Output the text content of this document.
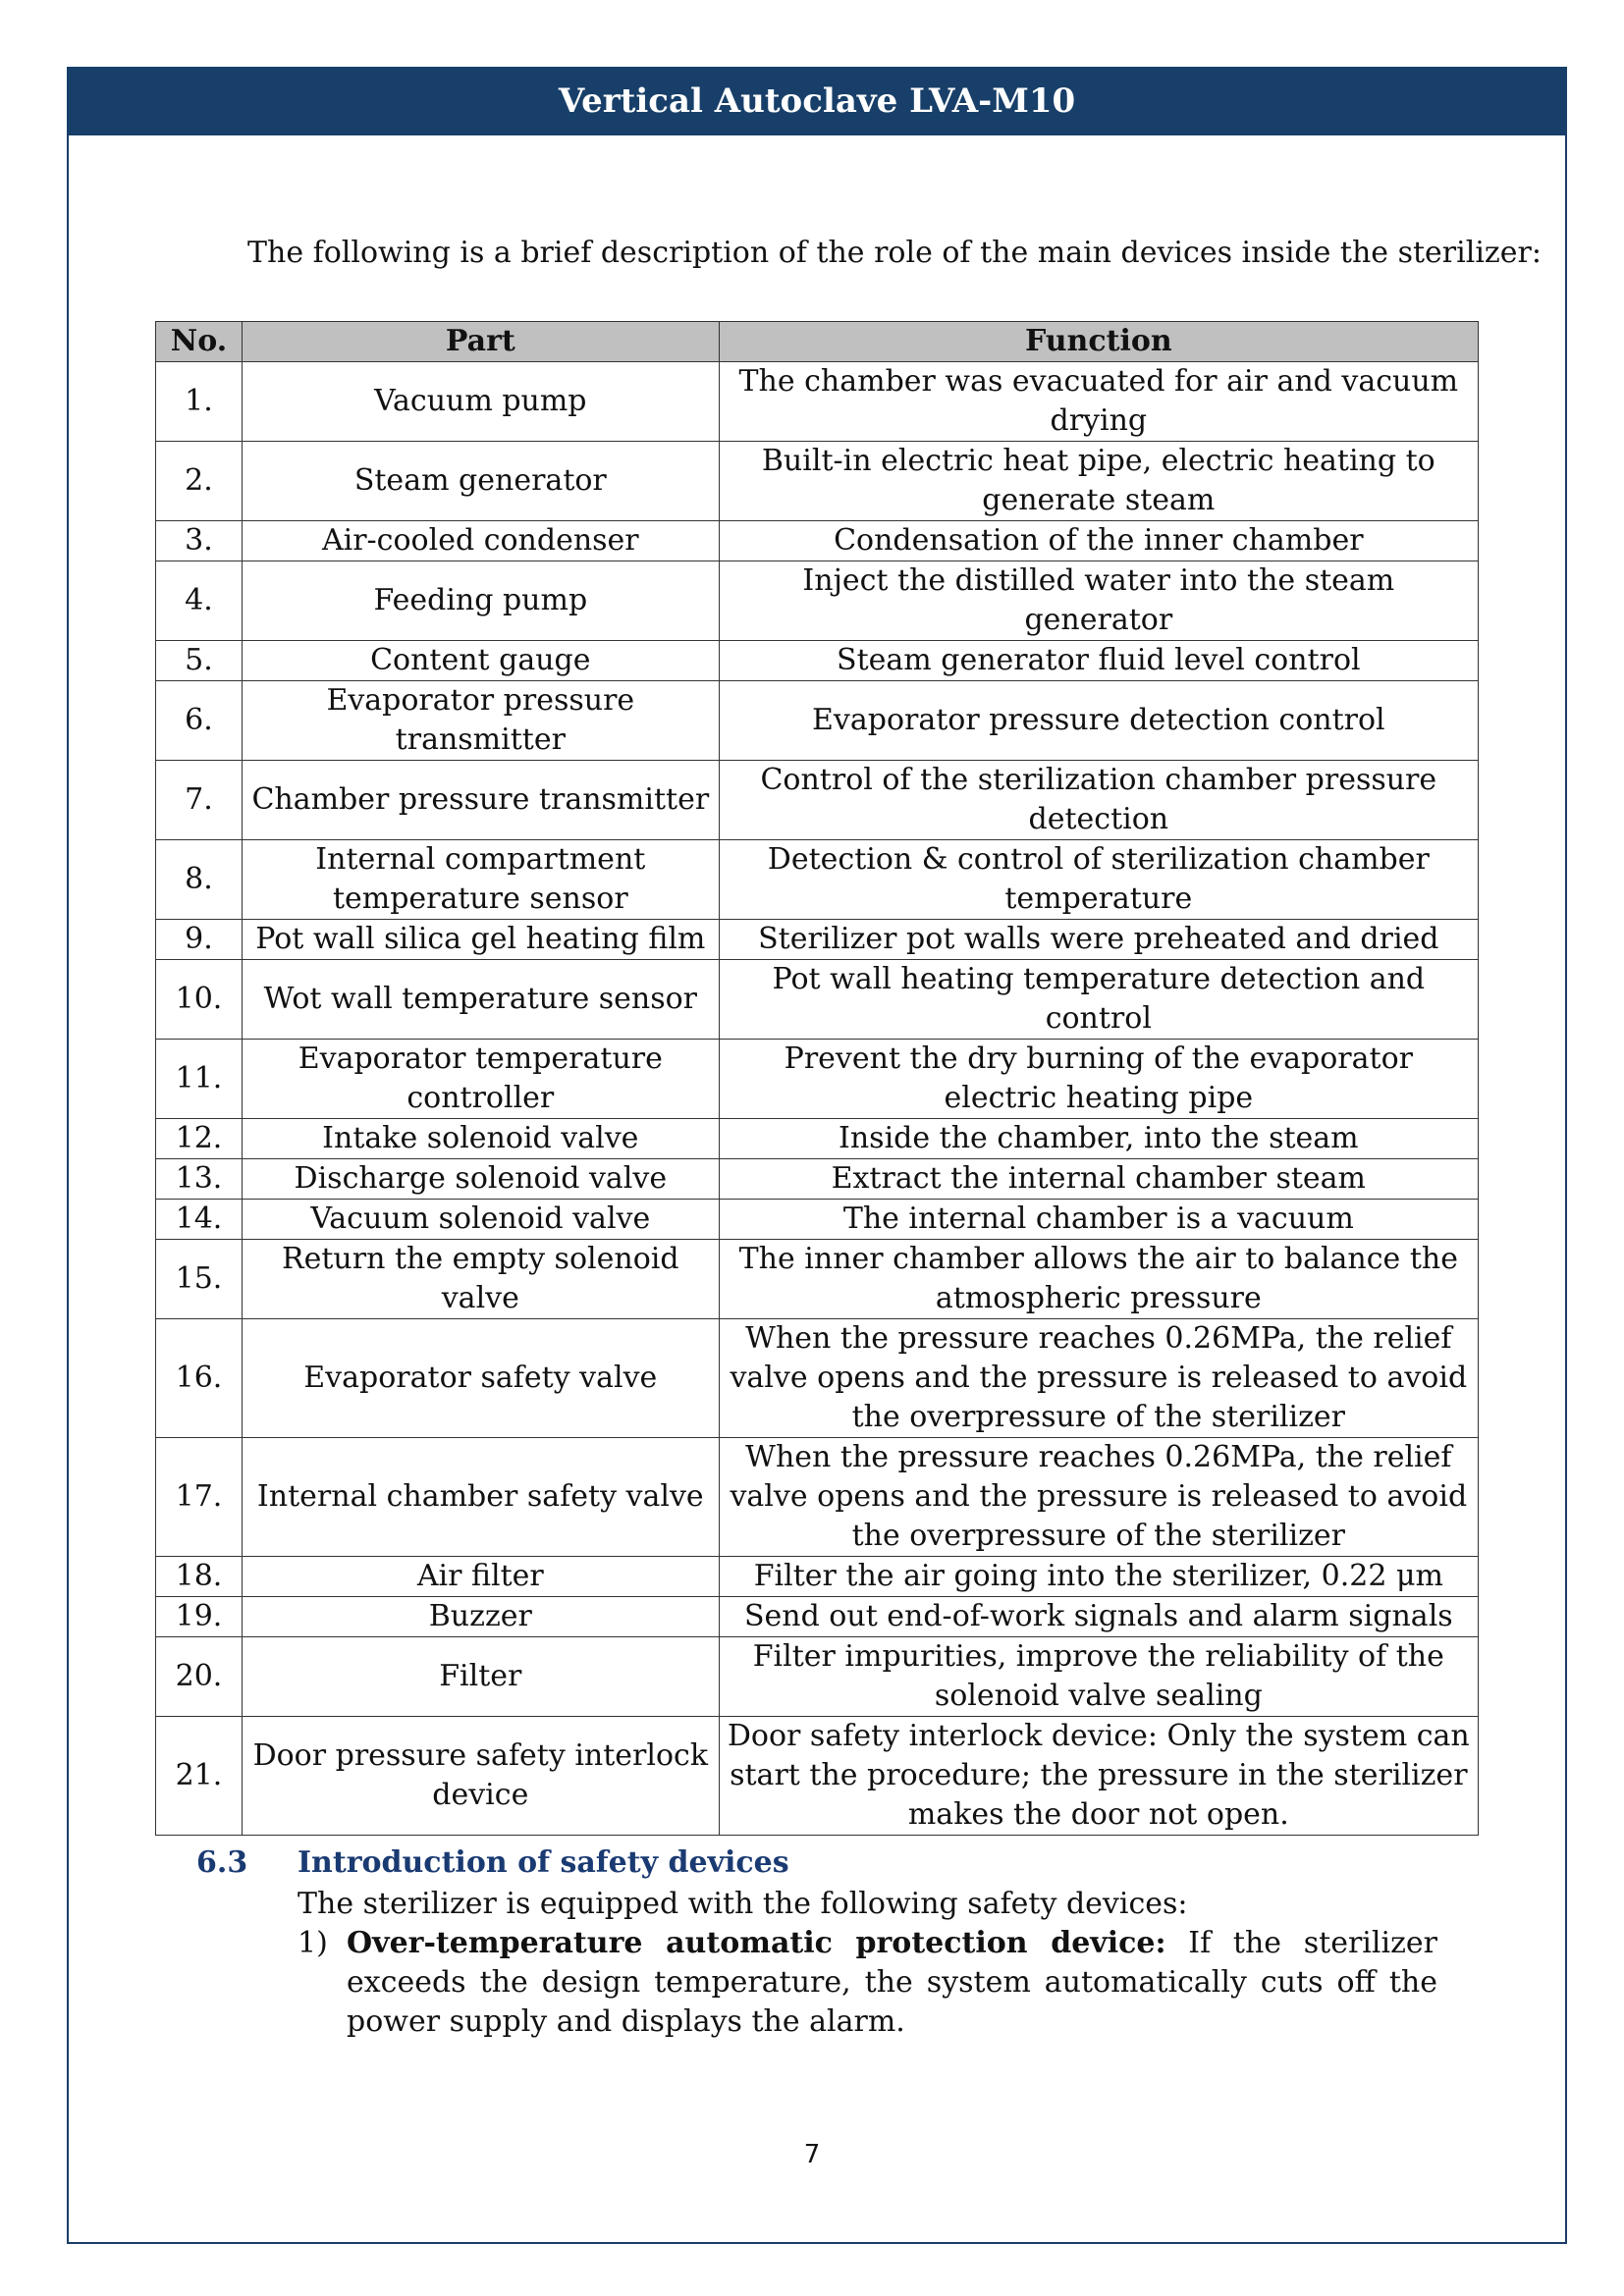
Vertical Autoclave LVA-M10
The following is a brief description of the role of the main devices inside the sterilizer:
No.	Part	Function
1.	Vacuum pump	The chamber was evacuated for air and vacuum drying
2.	Steam generator	Built-in electric heat pipe, electric heating to generate steam
3.	Air-cooled condenser	Condensation of the inner chamber
4.	Feeding pump	Inject the distilled water into the steam generator
5.	Content gauge	Steam generator fluid level control
6.	Evaporator pressure transmitter	Evaporator pressure detection control
7.	Chamber pressure transmitter	Control of the sterilization chamber pressure detection
8.	Internal compartment temperature sensor	Detection & control of sterilization chamber temperature
9.	Pot wall silica gel heating film	Sterilizer pot walls were preheated and dried
10.	Wot wall temperature sensor	Pot wall heating temperature detection and control
11.	Evaporator temperature controller	Prevent the dry burning of the evaporator electric heating pipe
12.	Intake solenoid valve	Inside the chamber, into the steam
13.	Discharge solenoid valve	Extract the internal chamber steam
14.	Vacuum solenoid valve	The internal chamber is a vacuum
15.	Return the empty solenoid valve	The inner chamber allows the air to balance the atmospheric pressure
16.	Evaporator safety valve	When the pressure reaches 0.26MPa, the relief valve opens and the pressure is released to avoid the overpressure of the sterilizer
17.	Internal chamber safety valve	When the pressure reaches 0.26MPa, the relief valve opens and the pressure is released to avoid the overpressure of the sterilizer
18.	Air filter	Filter the air going into the sterilizer, 0.22 μm
19.	Buzzer	Send out end-of-work signals and alarm signals
20.	Filter	Filter impurities, improve the reliability of the solenoid valve sealing
21.	Door pressure safety interlock device	Door safety interlock device: Only the system can start the procedure; the pressure in the sterilizer makes the door not open.
6.3	Introduction of safety devices
The sterilizer is equipped with the following safety devices:
1) Over-temperature automatic protection device: If the sterilizer exceeds the design temperature, the system automatically cuts off the power supply and displays the alarm.
7
